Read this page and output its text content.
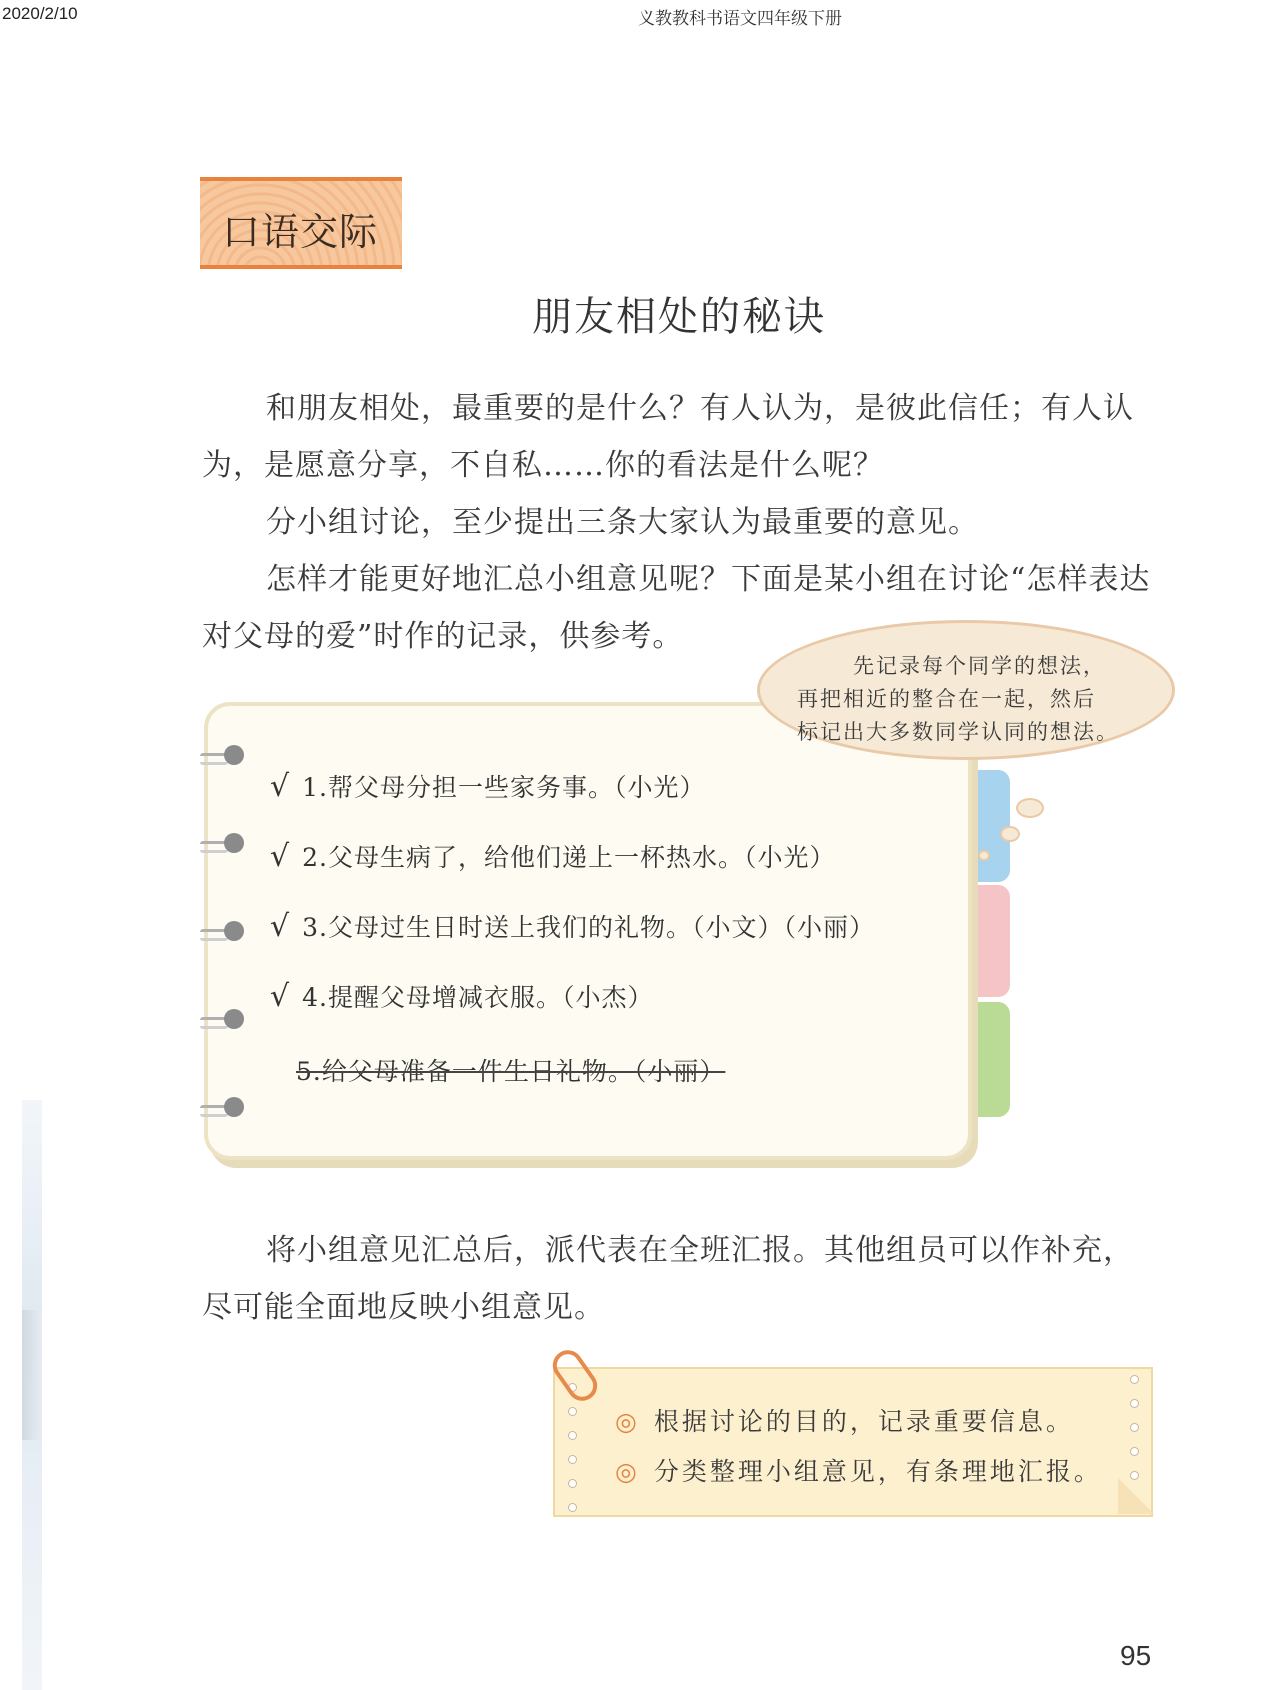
2020/2/10	义教教科书语文四年级下册
口语交际
朋友相处的秘诀
和朋友相处，最重要的是什么？有人认为，是彼此信任；有人认为，是愿意分享，不自私……你的看法是什么呢？
分小组讨论，至少提出三条大家认为最重要的意见。
怎样才能更好地汇总小组意见呢？下面是某小组在讨论“怎样表达对父母的爱”时作的记录，供参考。
先记录每个同学的想法，
再把相近的整合在一起，然后
标记出大多数同学认同的想法。
√ 1.帮父母分担一些家务事。（小光）
√ 2.父母生病了，给他们递上一杯热水。（小光）
√ 3.父母过生日时送上我们的礼物。（小文）（小丽）
√ 4.提醒父母增减衣服。（小杰）
5.给父母准备一件生日礼物。（小丽）
将小组意见汇总后，派代表在全班汇报。其他组员可以作补充，尽可能全面地反映小组意见。
◎ 根据讨论的目的，记录重要信息。
◎ 分类整理小组意见，有条理地汇报。
95
